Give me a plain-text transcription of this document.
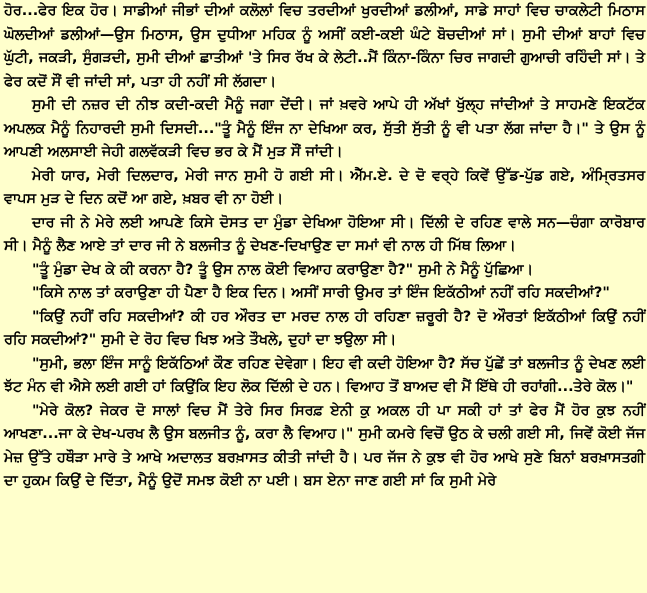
ਹੋਰ...ਫੇਰ ਇਕ ਹੋਰ। ਸਾਡੀਆਂ ਜੀਭਾਂ ਦੀਆਂ ਕਲੋਲਾਂ ਵਿਚ ਤਰਦੀਆਂ ਖੁਰਦੀਆਂ ਡਲੀਆਂ, ਸਾਡੇ ਸਾਹਾਂ ਵਿਚ ਚਾਕਲੇਟੀ ਮਿਠਾਸ ਘੋਲਦੀਆਂ ਡਲੀਆਂ—ਉਸ ਮਿਠਾਸ, ਉਸ ਦੁਧੀਆ ਮਹਿਕ ਨੂੰ ਅਸੀਂ ਕਈ-ਕਈ ਘੰਟੇ ਬੋਚਦੀਆਂ ਸਾਂ। ਸੁਮੀ ਦੀਆਂ ਬਾਹਾਂ ਵਿਚ ਘੁੱਟੀ, ਜਕੜੀ, ਸੁੰਗੜਦੀ, ਸੁਮੀ ਦੀਆਂ ਛਾਤੀਆਂ 'ਤੇ ਸਿਰ ਰੱਖ ਕੇ ਲੇਟੀ..ਮੈਂ ਕਿੰਨਾ-ਕਿੰਨਾ ਚਿਰ ਜਾਗਦੀ ਗੁਆਚੀ ਰਹਿੰਦੀ ਸਾਂ। ਤੇ ਫੇਰ ਕਦੋਂ ਸੌਂ ਵੀ ਜਾਂਦੀ ਸਾਂ, ਪਤਾ ਹੀ ਨਹੀਂ ਸੀ ਲੱਗਦਾ।

ਸੁਮੀ ਦੀ ਨਜ਼ਰ ਦੀ ਨੀਝ ਕਦੀ-ਕਦੀ ਮੈਨੂੰ ਜਗਾ ਦੇਂਦੀ। ਜਾਂ ਖ਼ਵਰੇ ਆਪੇ ਹੀ ਅੱਖਾਂ ਖੁੱਲ੍ਹ ਜਾਂਦੀਆਂ ਤੇ ਸਾਹਮਣੇ ਇਕਟੱਕ ਅਪਲਕ ਮੈਨੂੰ ਨਿਹਾਰਦੀ ਸੁਮੀ ਦਿਸਦੀ..."ਤੂੰ ਮੈਨੂੰ ਇੰਜ ਨਾ ਦੇਖਿਆ ਕਰ, ਸੁੱਤੀ ਸੁੱਤੀ ਨੂੰ ਵੀ ਪਤਾ ਲੱਗ ਜਾਂਦਾ ਹੈ।" ਤੇ ਉਸ ਨੂੰ ਆਪਣੀ ਅਲਸਾਈ ਜੇਹੀ ਗਲਵੱਕੜੀ ਵਿਚ ਭਰ ਕੇ ਮੈਂ ਮੁੜ ਸੌਂ ਜਾਂਦੀ।

ਮੇਰੀ ਯਾਰ, ਮੇਰੀ ਦਿਲਦਾਰ, ਮੇਰੀ ਜਾਨ ਸੁਮੀ ਹੋ ਗਈ ਸੀ। ਐੱਮ.ਏ. ਦੇ ਦੋ ਵਰ੍ਹੇ ਕਿਵੇਂ ਉੱਡ-ਪੁੱਡ ਗਏ, ਅੰਮ੍ਰਿਤਸਰ ਵਾਪਸ ਮੁੜ ਦੇ ਦਿਨ ਕਦੋਂ ਆ ਗਏ, ਖ਼ਬਰ ਵੀ ਨਾ ਹੋਈ।

ਦਾਰ ਜੀ ਨੇ ਮੇਰੇ ਲਈ ਆਪਣੇ ਕਿਸੇ ਦੋਸਤ ਦਾ ਮੁੰਡਾ ਦੇਖਿਆ ਹੋਇਆ ਸੀ। ਦਿੱਲੀ ਦੇ ਰਹਿਣ ਵਾਲੇ ਸਨ—ਚੰਗਾ ਕਾਰੋਬਾਰ ਸੀ। ਮੈਨੂੰ ਲੈਣ ਆਏ ਤਾਂ ਦਾਰ ਜੀ ਨੇ ਬਲਜੀਤ ਨੂੰ ਦੇਖਣ-ਦਿਖਾਉਣ ਦਾ ਸਮਾਂ ਵੀ ਨਾਲ ਹੀ ਮਿੱਥ ਲਿਆ।

"ਤੂੰ ਮੁੰਡਾ ਦੇਖ ਕੇ ਕੀ ਕਰਨਾ ਹੈ? ਤੂੰ ਉਸ ਨਾਲ ਕੋਈ ਵਿਆਹ ਕਰਾਉਣਾ ਹੈ?" ਸੁਮੀ ਨੇ ਮੈਨੂੰ ਪੁੱਛਿਆ।

"ਕਿਸੇ ਨਾਲ ਤਾਂ ਕਰਾਉਣਾ ਹੀ ਪੈਣਾ ਹੈ ਇਕ ਦਿਨ। ਅਸੀਂ ਸਾਰੀ ਉਮਰ ਤਾਂ ਇੰਜ ਇਕੱਠੀਆਂ ਨਹੀਂ ਰਹਿ ਸਕਦੀਆਂ?"

"ਕਿਉਂ ਨਹੀਂ ਰਹਿ ਸਕਦੀਆਂ? ਕੀ ਹਰ ਔਰਤ ਦਾ ਮਰਦ ਨਾਲ ਹੀ ਰਹਿਣਾ ਜ਼ਰੂਰੀ ਹੈ? ਦੋ ਔਰਤਾਂ ਇਕੱਠੀਆਂ ਕਿਉਂ ਨਹੀਂ ਰਹਿ ਸਕਦੀਆਂ?" ਸੁਮੀ ਦੇ ਰੋਹ ਵਿਚ ਖਿਝ ਅਤੇ ਤੌਖਲੇ, ਦੁਹਾਂ ਦਾ ਝਉਲਾ ਸੀ।

"ਸੁਮੀ, ਭਲਾ ਇੰਜ ਸਾਨੂੰ ਇਕੱਠਿਆਂ ਕੌਣ ਰਹਿਣ ਦੇਵੇਗਾ। ਇਹ ਵੀ ਕਦੀ ਹੋਇਆ ਹੈ? ਸੱਚ ਪੁੱਛੇਂ ਤਾਂ ਬਲਜੀਤ ਨੂੰ ਦੇਖਣ ਲਈ ਝੱਟ ਮੰਨ ਵੀ ਐਸੇ ਲਈ ਗਈ ਹਾਂ ਕਿਉਂਕਿ ਇਹ ਲੋਕ ਦਿੱਲੀ ਦੇ ਹਨ। ਵਿਆਹ ਤੋਂ ਬਾਅਦ ਵੀ ਮੈਂ ਇੱਥੇ ਹੀ ਰਹਾਂਗੀ...ਤੇਰੇ ਕੋਲ।"

"ਮੇਰੇ ਕੋਲ? ਜੇਕਰ ਦੋ ਸਾਲਾਂ ਵਿਚ ਮੈਂ ਤੇਰੇ ਸਿਰ ਸਿਰਫ਼ ਏਨੀ ਕੁ ਅਕਲ ਹੀ ਪਾ ਸਕੀ ਹਾਂ ਤਾਂ ਫੇਰ ਮੈਂ ਹੋਰ ਕੁਝ ਨਹੀਂ ਆਖਣਾ...ਜਾ ਕੇ ਦੇਖ-ਪਰਖ ਲੈ ਉਸ ਬਲਜੀਤ ਨੂੰ, ਕਰਾ ਲੈ ਵਿਆਹ।" ਸੁਮੀ ਕਮਰੇ ਵਿਚੋਂ ਉਠ ਕੇ ਚਲੀ ਗਈ ਸੀ, ਜਿਵੇਂ ਕੋਈ ਜੱਜ ਮੇਜ਼ ਉੱਤੇ ਹਥੌੜਾ ਮਾਰੇ ਤੇ ਆਖੇ ਅਦਾਲਤ ਬਰਖ਼ਾਸਤ ਕੀਤੀ ਜਾਂਦੀ ਹੈ। ਪਰ ਜੱਜ ਨੇ ਕੁਝ ਵੀ ਹੋਰ ਆਖੇ ਸੁਣੇ ਬਿਨਾਂ ਬਰਖ਼ਾਸਤਗੀ ਦਾ ਹੁਕਮ ਕਿਉਂ ਦੇ ਦਿੱਤਾ, ਮੈਨੂੰ ਉਦੋਂ ਸਮਝ ਕੋਈ ਨਾ ਪਈ। ਬਸ ਏਨਾ ਜਾਣ ਗਈ ਸਾਂ ਕਿ ਸੁਮੀ ਮੇਰੇ
